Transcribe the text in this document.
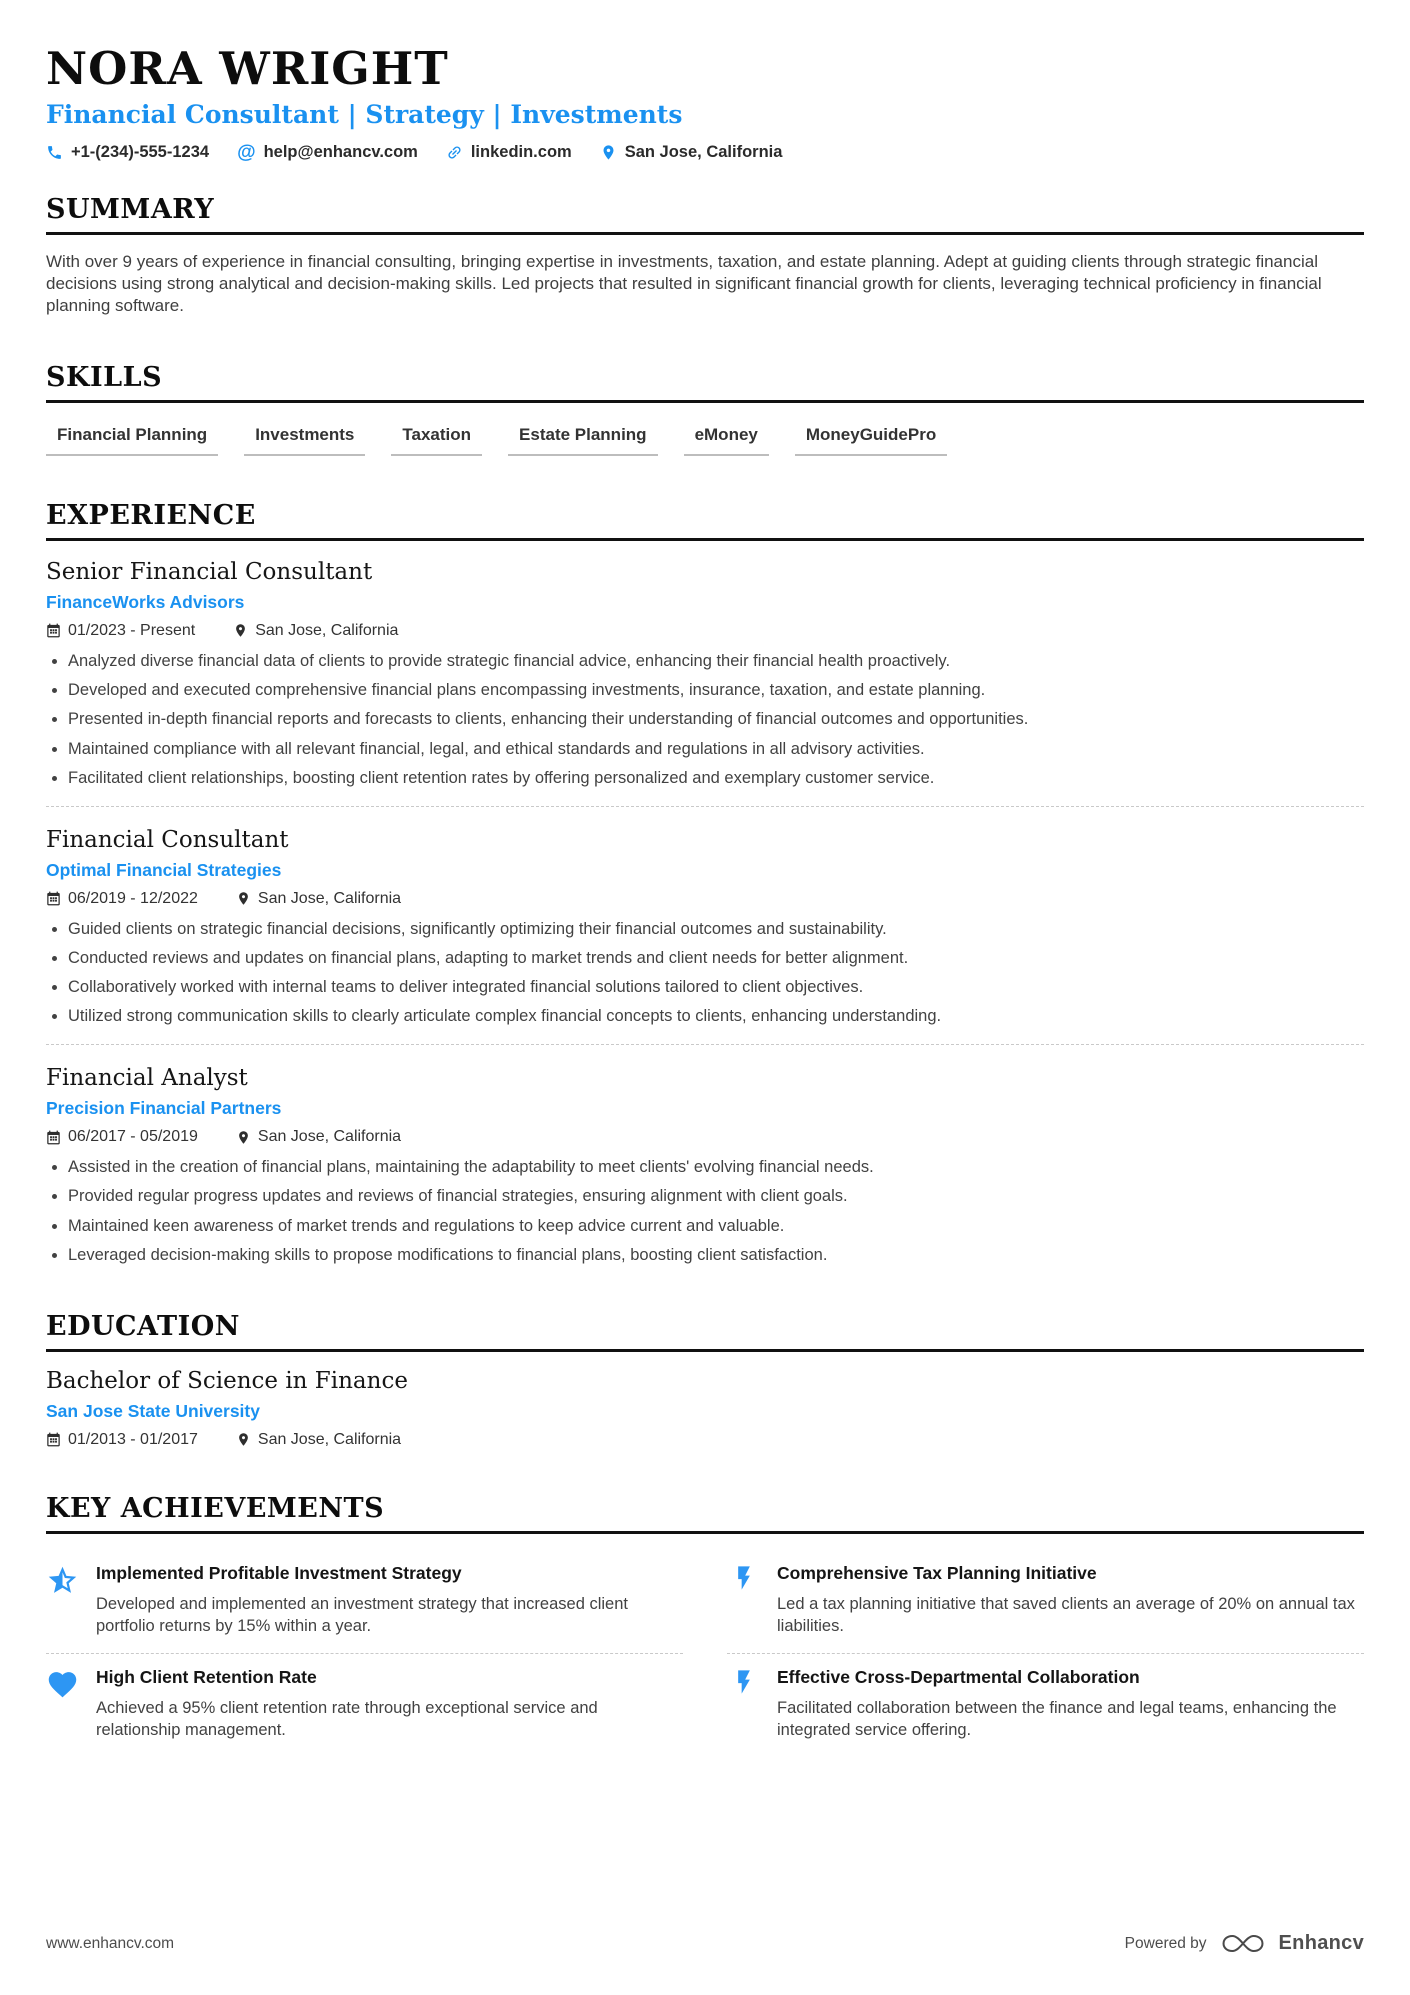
NORA WRIGHT
Financial Consultant | Strategy | Investments
+1-(234)-555-1234 @ help@enhancv.com	linkedin.com	San Jose, California
SUMMARY

With over 9 years of experience in financial consulting, bringing expertise in investments, taxation, and estate planning. Adept at guiding clients through strategic financial decisions using strong analytical and decision-making skills. Led projects that resulted in significant financial growth for clients, leveraging technical proficiency in financial planning software.

SKILLS
Financial Planning	Investments	Taxation	Estate Planning	eMoney	MoneyGuidePro
EXPERIENCE
Senior Financial Consultant
FinanceWorks Advisors
01/2023 - Present	San Jose, California
• Analyzed diverse financial data of clients to provide strategic financial advice, enhancing their financial health proactively.
• Developed and executed comprehensive financial plans encompassing investments, insurance, taxation, and estate planning.
• Presented in-depth financial reports and forecasts to clients, enhancing their understanding of financial outcomes and opportunities.
• Maintained compliance with all relevant financial, legal, and ethical standards and regulations in all advisory activities.
• Facilitated client relationships, boosting client retention rates by offering personalized and exemplary customer service.
Financial Consultant
Optimal Financial Strategies
06/2019 - 12/2022	San Jose, California
• Guided clients on strategic financial decisions, significantly optimizing their financial outcomes and sustainability.
• Conducted reviews and updates on financial plans, adapting to market trends and client needs for better alignment.
• Collaboratively worked with internal teams to deliver integrated financial solutions tailored to client objectives.
• Utilized strong communication skills to clearly articulate complex financial concepts to clients, enhancing understanding.
Financial Analyst
Precision Financial Partners
06/2017 - 05/2019	San Jose, California
• Assisted in the creation of financial plans, maintaining the adaptability to meet clients' evolving financial needs.
• Provided regular progress updates and reviews of financial strategies, ensuring alignment with client goals.
• Maintained keen awareness of market trends and regulations to keep advice current and valuable.
• Leveraged decision-making skills to propose modifications to financial plans, boosting client satisfaction.
EDUCATION
Bachelor of Science in Finance
San Jose State University
01/2013 - 01/2017	San Jose, California
KEY ACHIEVEMENTS
Implemented Profitable Investment Strategy
Developed and implemented an investment strategy that increased client portfolio returns by 15% within a year.
Comprehensive Tax Planning Initiative
Led a tax planning initiative that saved clients an average of 20% on annual tax liabilities.
High Client Retention Rate
Achieved a 95% client retention rate through exceptional service and relationship management.
Effective Cross-Departmental Collaboration
Facilitated collaboration between the finance and legal teams, enhancing the integrated service offering.
www.enhancv.com	Powered by	Enhancv
